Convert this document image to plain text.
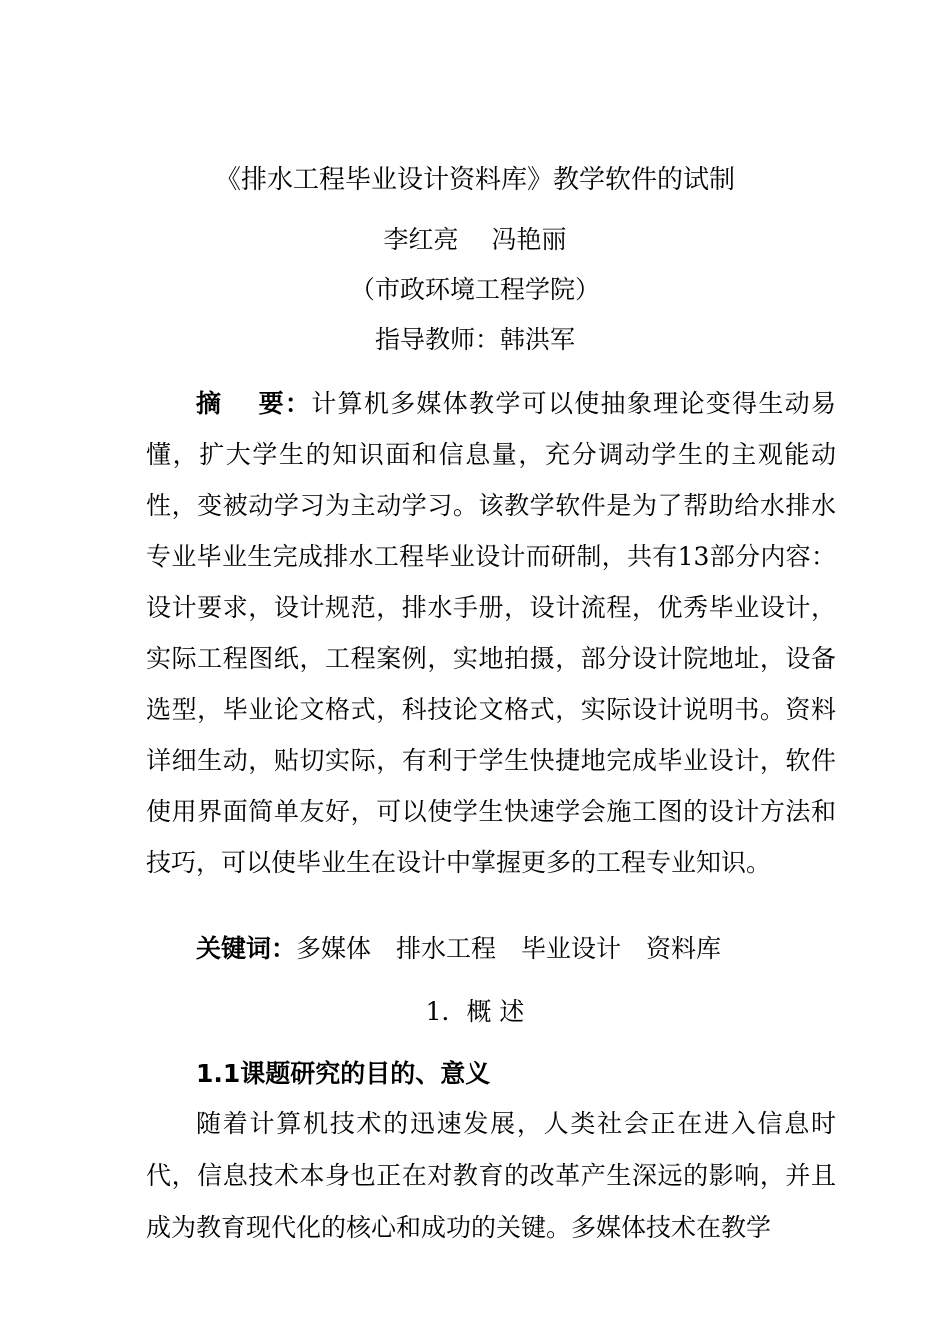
《排水工程毕业设计资料库》教学软件的试制
李红亮　 冯艳丽
（市政环境工程学院）
指导教师：韩洪军
摘　 要：计算机多媒体教学可以使抽象理论变得生动易懂，扩大学生的知识面和信息量，充分调动学生的主观能动性，变被动学习为主动学习。该教学软件是为了帮助给水排水专业毕业生完成排水工程毕业设计而研制，共有13部分内容：设计要求，设计规范，排水手册，设计流程，优秀毕业设计，实际工程图纸，工程案例，实地拍摄，部分设计院地址，设备选型，毕业论文格式，科技论文格式，实际设计说明书。资料详细生动，贴切实际，有利于学生快捷地完成毕业设计，软件使用界面简单友好，可以使学生快速学会施工图的设计方法和技巧，可以使毕业生在设计中掌握更多的工程专业知识。
关键词：多媒体　排水工程　毕业设计　资料库
1．概 述
1.1课题研究的目的、意义
随着计算机技术的迅速发展，人类社会正在进入信息时代，信息技术本身也正在对教育的改革产生深远的影响，并且成为教育现代化的核心和成功的关键。多媒体技术在教学
